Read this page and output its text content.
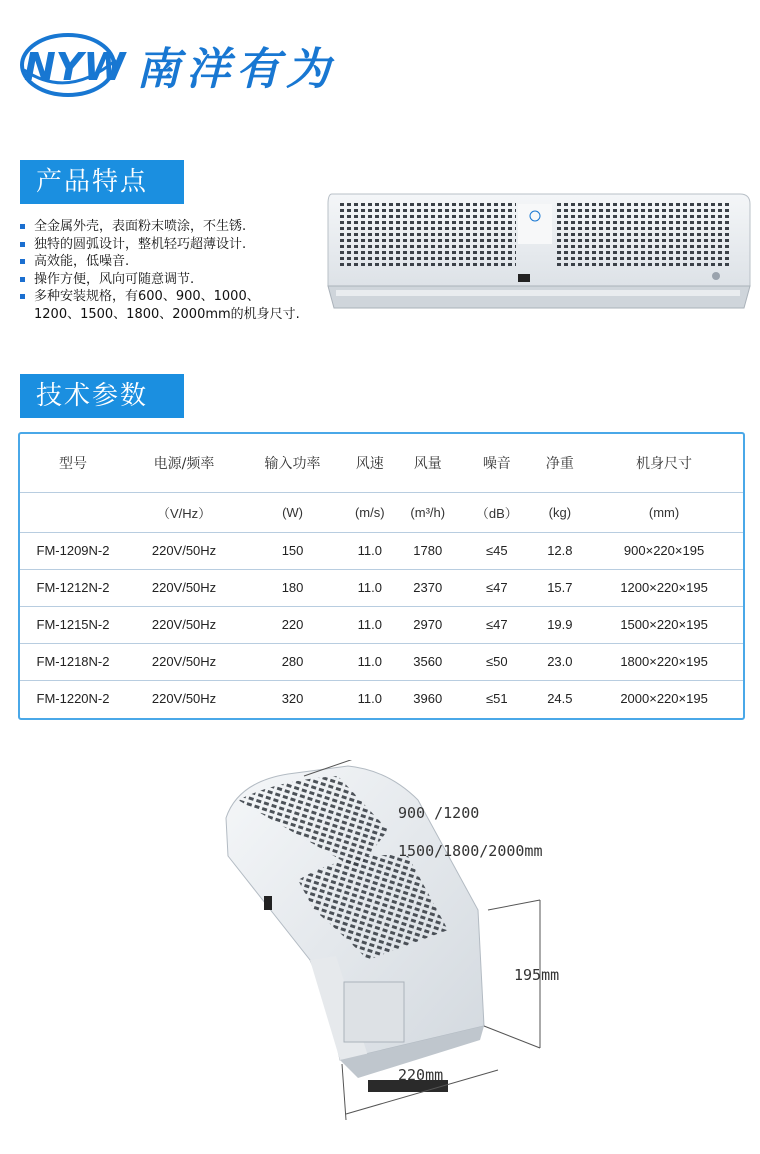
NYW 南洋有为
产品特点
全金属外壳，表面粉末喷涂，不生锈.
独特的圆弧设计，整机轻巧超薄设计.
高效能，低噪音.
操作方便，风向可随意调节.
多种安装规格，有600、900、1000、
1200、1500、1800、2000mm的机身尺寸.
技术参数
型号	电源/频率	输入功率	风速	风量	噪音	净重	机身尺寸
	（V/Hz）	(W)	(m/s)	(m³/h)	（dB）	(kg)	(mm)
FM-1209N-2	220V/50Hz	150	11.0	1780	≤45	12.8	900×220×195
FM-1212N-2	220V/50Hz	180	11.0	2370	≤47	15.7	1200×220×195
FM-1215N-2	220V/50Hz	220	11.0	2970	≤47	19.9	1500×220×195
FM-1218N-2	220V/50Hz	280	11.0	3560	≤50	23.0	1800×220×195
FM-1220N-2	220V/50Hz	320	11.0	3960	≤51	24.5	2000×220×195
900 /1200
1500/1800/2000mm
195mm
220mm
